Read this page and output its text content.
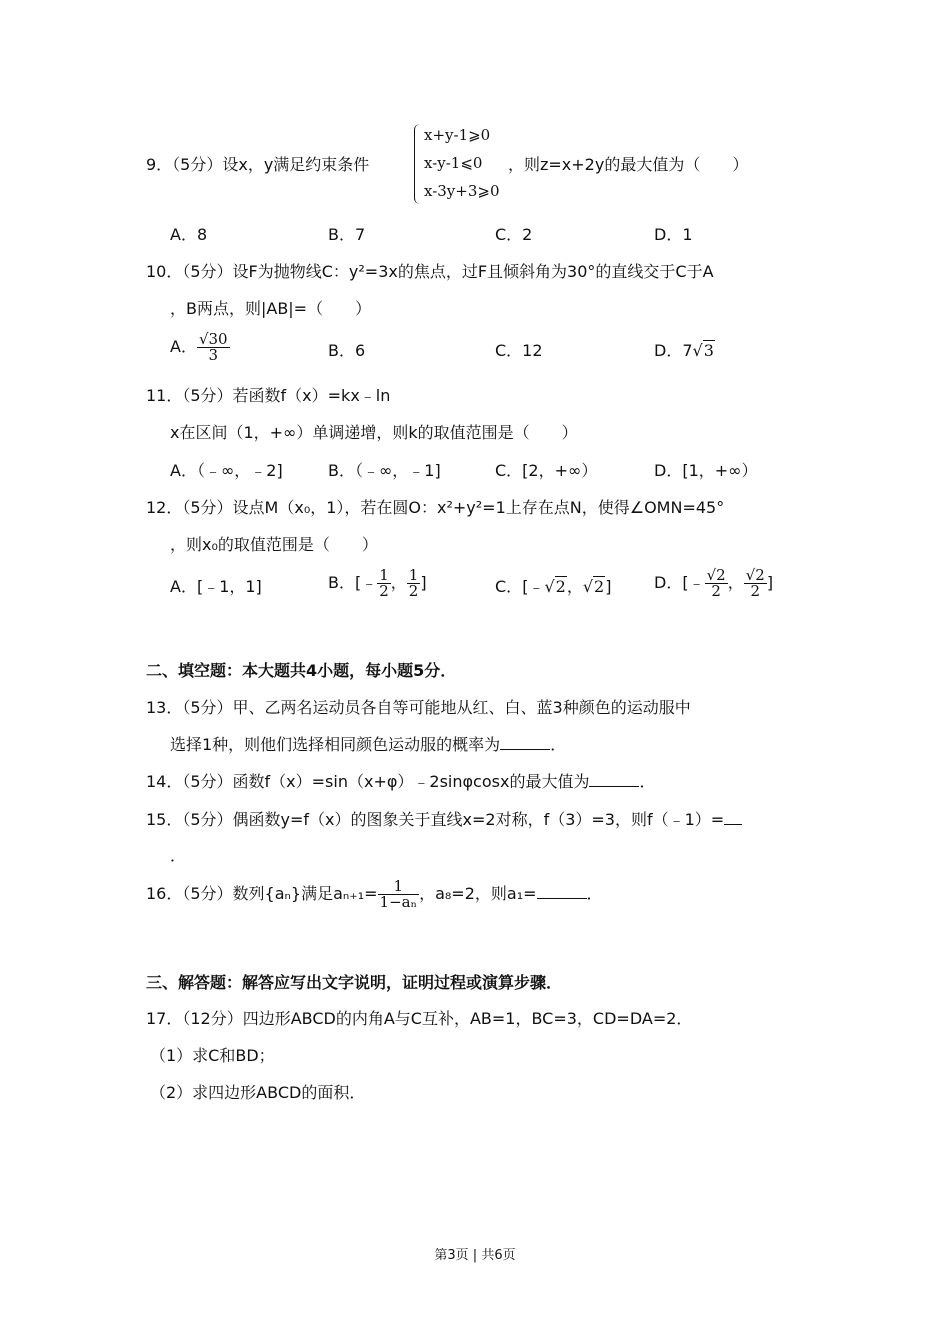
9．（5分）设x，y满足约束条件
x+y-1⩾0
x-y-1⩽0
x-3y+3⩾0
，则z=x+2y的最大值为（　　）
A．8	B．7	C．2	D．1
10．（5分）设F为抛物线C：y²=3x的焦点，过F且倾斜角为30°的直线交于C于A
，B两点，则|AB|=（　　）
A． $\frac{√30}{3}$	B．6	C．12	D．7√3
11．（5分）若函数f（x）=kx﹣ln
x在区间（1，+∞）单调递增，则k的取值范围是（　　）
A．（﹣∞，﹣2]	B．（﹣∞，﹣1]	C．[2，+∞）	D．[1，+∞）
12．（5分）设点M（x₀，1），若在圆O：x²+y²=1上存在点N，使得∠OMN=45°
，则x₀的取值范围是（　　）
A．[﹣1，1]	B．[﹣ $\frac{1}{2}$ ， $\frac{1}{2}$ ]	C．[﹣√2，√2]	D．[﹣ $\frac{√2}{2}$ ， $\frac{√2}{2}$ ]
二、填空题：本大题共4小题，每小题5分．
13．（5分）甲、乙两名运动员各自等可能地从红、白、蓝3种颜色的运动服中
选择1种，则他们选择相同颜色运动服的概率为	．
14．（5分）函数f（x）=sin（x+φ）﹣2sinφcosx的最大值为	．
15．（5分）偶函数y=f（x）的图象关于直线x=2对称，f（3）=3，则f（﹣1）=
．
16．（5分）数列{aₙ}满足$a_{n+1}= \frac{1}{\text{1−aₙ}}$ ，a₈=2，则a₁=	．
三、解答题：解答应写出文字说明，证明过程或演算步骤．
17．（12分）四边形ABCD的内角A与C互补，AB=1，BC=3，CD=DA=2．
（1）求C和BD；
（2）求四边形ABCD的面积．
第3页 | 共6页
